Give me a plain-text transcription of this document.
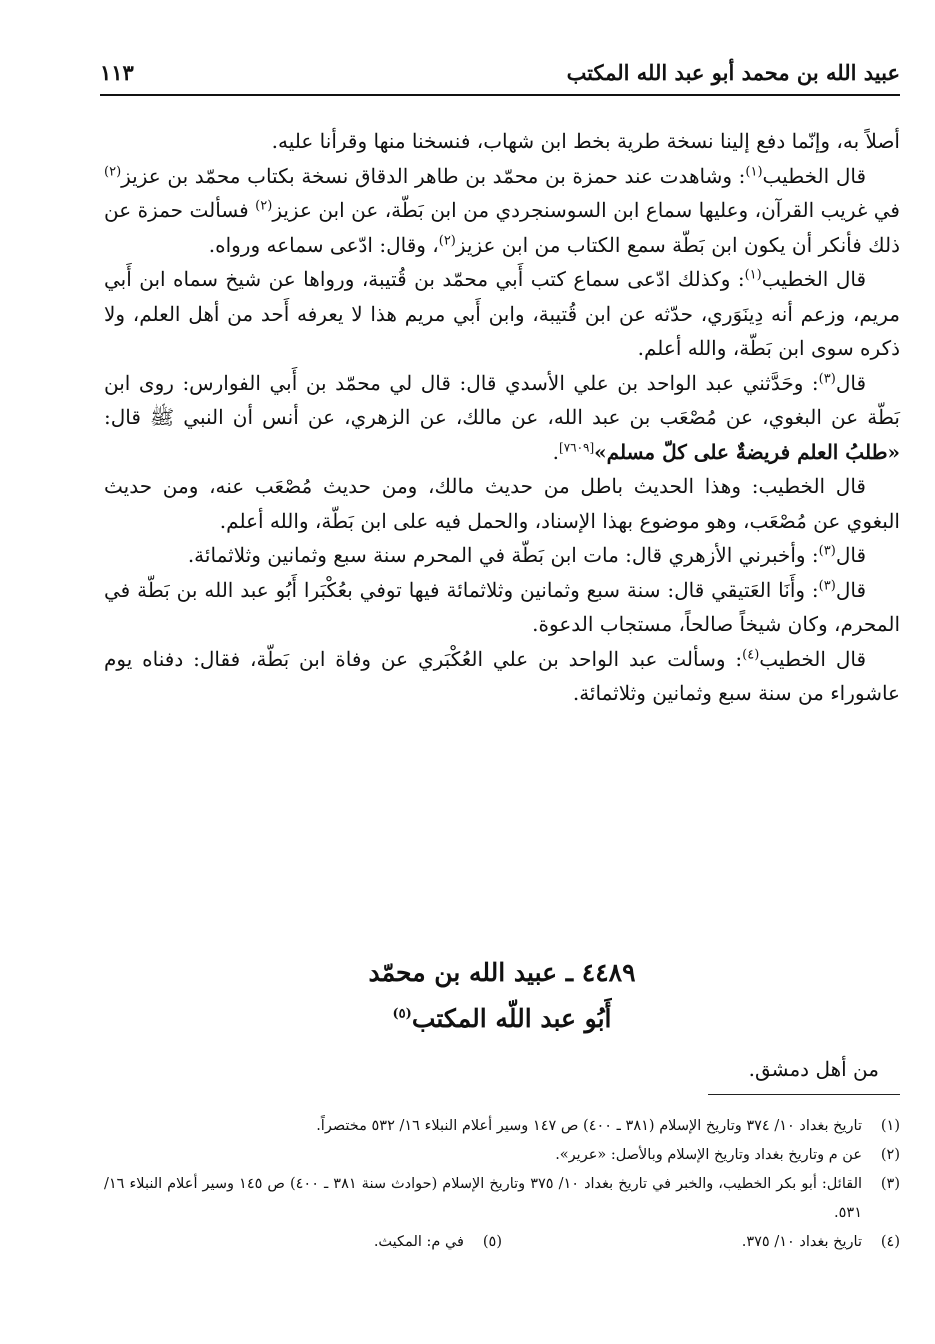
عبيد الله بن محمد أبو عبد الله المكتب
١١٣

أصلاً به، وإنّما دفع إلينا نسخة طرية بخط ابن شهاب، فنسخنا منها وقرأنا عليه.

قال الخطيب$^{(١)}$: وشاهدت عند حمزة بن محمّد بن طاهر الدقاق نسخة بكتاب محمّد بن عزيز$^{(٢)}$ في غريب القرآن، وعليها سماع ابن السوسنجردي من ابن بَطّة، عن ابن عزيز$^{(٢)}$ فسألت حمزة عن ذلك فأنكر أن يكون ابن بَطّة سمع الكتاب من ابن عزيز$^{(٢)}$، وقال: ادّعى سماعه ورواه.

قال الخطيب$^{(١)}$: وكذلك ادّعى سماع كتب أَبي محمّد بن قُتيبة، ورواها عن شيخ سماه ابن أَبي مريم، وزعم أنه دِينَوَري، حدّثه عن ابن قُتيبة، وابن أَبي مريم هذا لا يعرفه أَحد من أهل العلم، ولا ذكره سوى ابن بَطّة، والله أعلم.

قال$^{(٣)}$: وحَدَّثني عبد الواحد بن علي الأسدي قال: قال لي محمّد بن أَبي الفوارس: روى ابن بَطّة عن البغوي، عن مُصْعَب بن عبد الله، عن مالك، عن الزهري، عن أنس أن النبي ﷺ قال: «طلبُ العلم فريضةٌ على كلّ مسلم»[٧٦٠٩].

قال الخطيب: وهذا الحديث باطل من حديث مالك، ومن حديث مُصْعَب عنه، ومن حديث البغوي عن مُصْعَب، وهو موضوع بهذا الإسناد، والحمل فيه على ابن بَطّة، والله أعلم.

قال$^{(٣)}$: وأخبرني الأزهري قال: مات ابن بَطّة في المحرم سنة سبع وثمانين وثلاثمائة.

قال$^{(٣)}$: وأَنَا العَتيقي قال: سنة سبع وثمانين وثلاثمائة فيها توفي بعُكْبَرا أَبُو عبد الله بن بَطّة في المحرم، وكان شيخاً صالحاً، مستجاب الدعوة.

قال الخطيب$^{(٤)}$: وسألت عبد الواحد بن علي العُكْبَري عن وفاة ابن بَطّة، فقال: دفناه يوم عاشوراء من سنة سبع وثمانين وثلاثمائة.

٤٤٨٩ ـ عبيد الله بن محمّد
أَبُو عبد اللّه المكتب$^{(٥)}$
من أهل دمشق.
(١)
تاريخ بغداد ١٠/ ٣٧٤ وتاريخ الإسلام (٣٨١ ـ ٤٠٠) ص ١٤٧ وسير أعلام النبلاء ١٦/ ٥٣٢ مختصراً.
(٢)
عن م وتاريخ بغداد وتاريخ الإسلام وبالأصل: «عرير».
(٣)
القائل: أبو بكر الخطيب، والخبر في تاريخ بغداد ١٠/ ٣٧٥ وتاريخ الإسلام (حوادث سنة ٣٨١ ـ ٤٠٠) ص ١٤٥ وسير أعلام النبلاء ١٦/ ٥٣١.
(٤)
تاريخ بغداد ١٠/ ٣٧٥.
(٥)
في م: المكيث.
